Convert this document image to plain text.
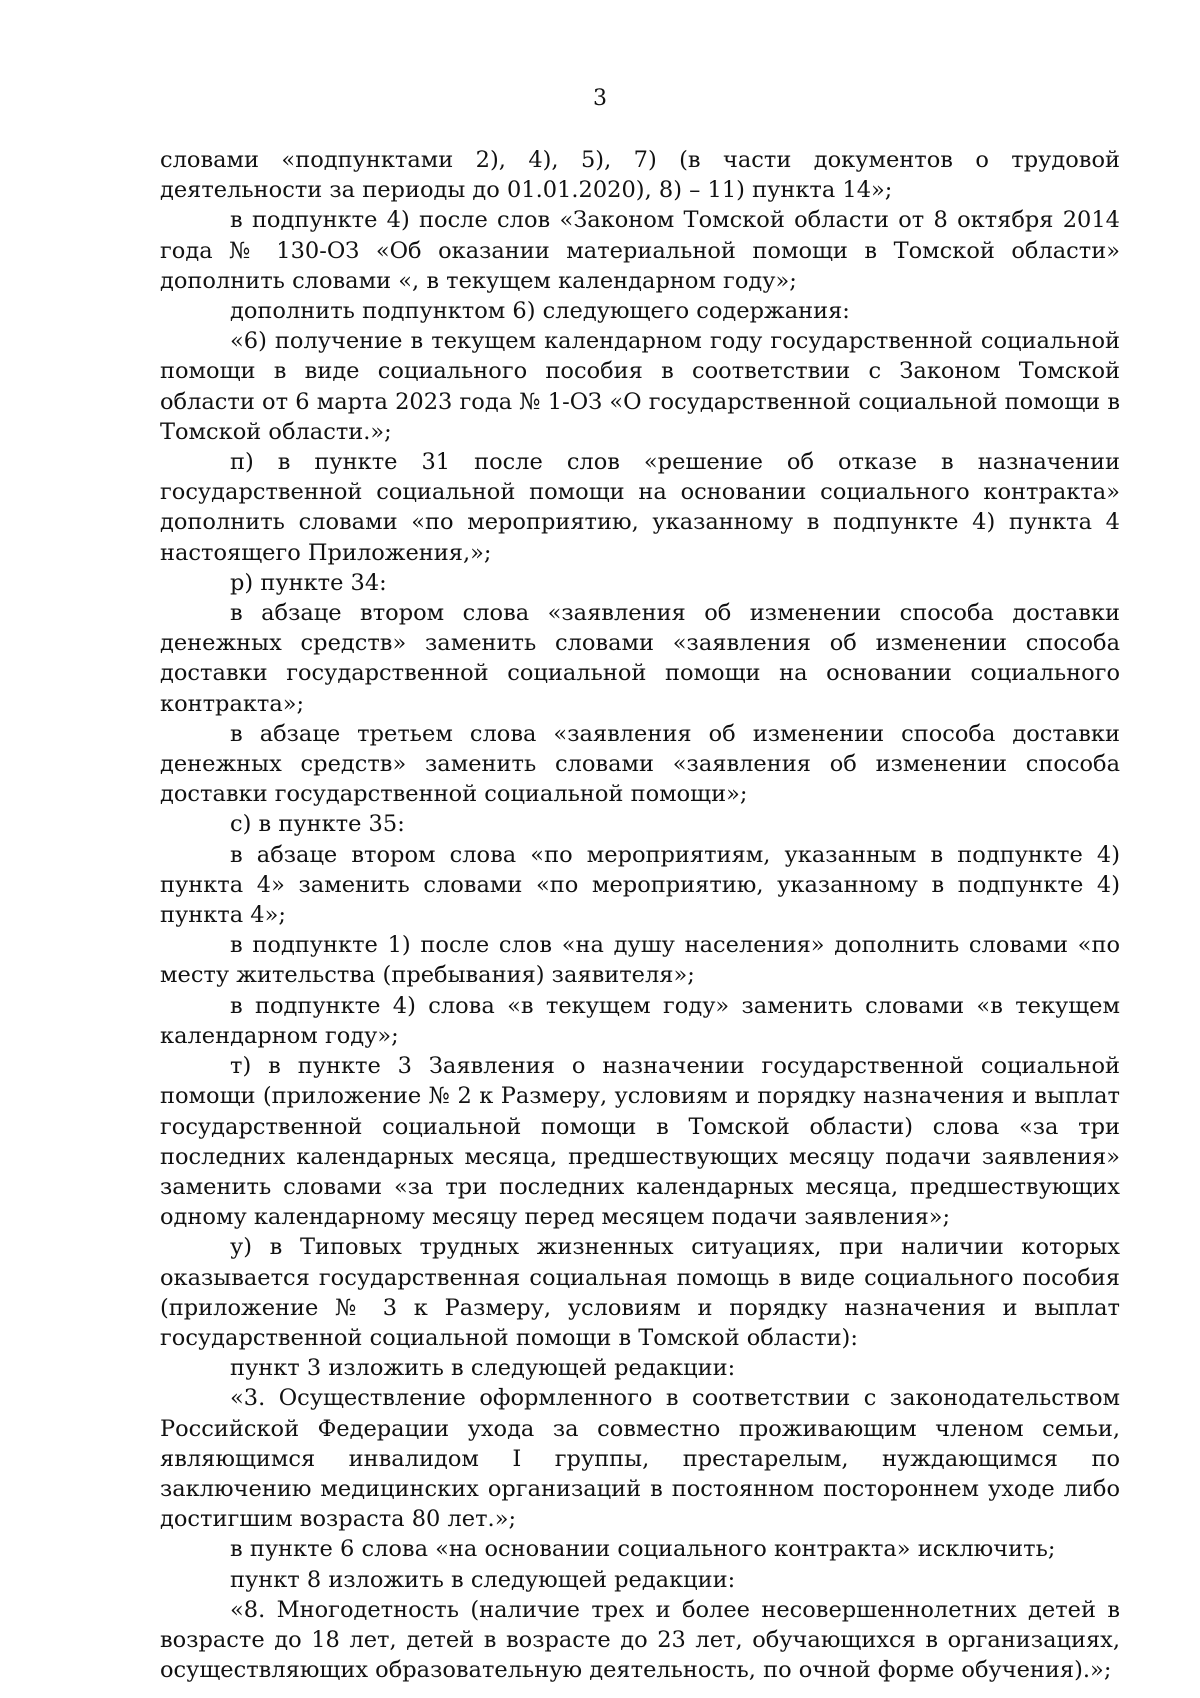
3

словами «подпунктами 2), 4), 5), 7) (в части документов о трудовой деятельности за периоды до 01.01.2020), 8) – 11) пункта 14»;

в подпункте 4) после слов «Законом Томской области от 8 октября 2014 года № 130-ОЗ «Об оказании материальной помощи в Томской области» дополнить словами «, в текущем календарном году»;

дополнить подпунктом 6) следующего содержания:

«6) получение в текущем календарном году государственной социальной помощи в виде социального пособия в соответствии с Законом Томской области от 6 марта 2023 года № 1-ОЗ «О государственной социальной помощи в Томской области.»;

п) в пункте 31 после слов «решение об отказе в назначении государственной социальной помощи на основании социального контракта» дополнить словами «по мероприятию, указанному в подпункте 4) пункта 4 настоящего Приложения,»;

р) пункте 34:

в абзаце втором слова «заявления об изменении способа доставки денежных средств» заменить словами «заявления об изменении способа доставки государственной социальной помощи на основании социального контракта»;

в абзаце третьем слова «заявления об изменении способа доставки денежных средств» заменить словами «заявления об изменении способа доставки государственной социальной помощи»;

с) в пункте 35:

в абзаце втором слова «по мероприятиям, указанным в подпункте 4) пункта 4» заменить словами «по мероприятию, указанному в подпункте 4) пункта 4»;

в подпункте 1) после слов «на душу населения» дополнить словами «по месту жительства (пребывания) заявителя»;

в подпункте 4) слова «в текущем году» заменить словами «в текущем календарном году»;

т) в пункте 3 Заявления о назначении государственной социальной помощи (приложение № 2 к Размеру, условиям и порядку назначения и выплат государственной социальной помощи в Томской области) слова «за три последних календарных месяца, предшествующих месяцу подачи заявления» заменить словами «за три последних календарных месяца, предшествующих одному календарному месяцу перед месяцем подачи заявления»;

у) в Типовых трудных жизненных ситуациях, при наличии которых оказывается государственная социальная помощь в виде социального пособия (приложение № 3 к Размеру, условиям и порядку назначения и выплат государственной социальной помощи в Томской области):

пункт 3 изложить в следующей редакции:

«3. Осуществление оформленного в соответствии с законодательством Российской Федерации ухода за совместно проживающим членом семьи, являющимся инвалидом I группы, престарелым, нуждающимся по заключению медицинских организаций в постоянном постороннем уходе либо достигшим возраста 80 лет.»;

в пункте 6 слова «на основании социального контракта» исключить;

пункт 8 изложить в следующей редакции:

«8. Многодетность (наличие трех и более несовершеннолетних детей в возрасте до 18 лет, детей в возрасте до 23 лет, обучающихся в организациях, осуществляющих образовательную деятельность, по очной форме обучения).»;
